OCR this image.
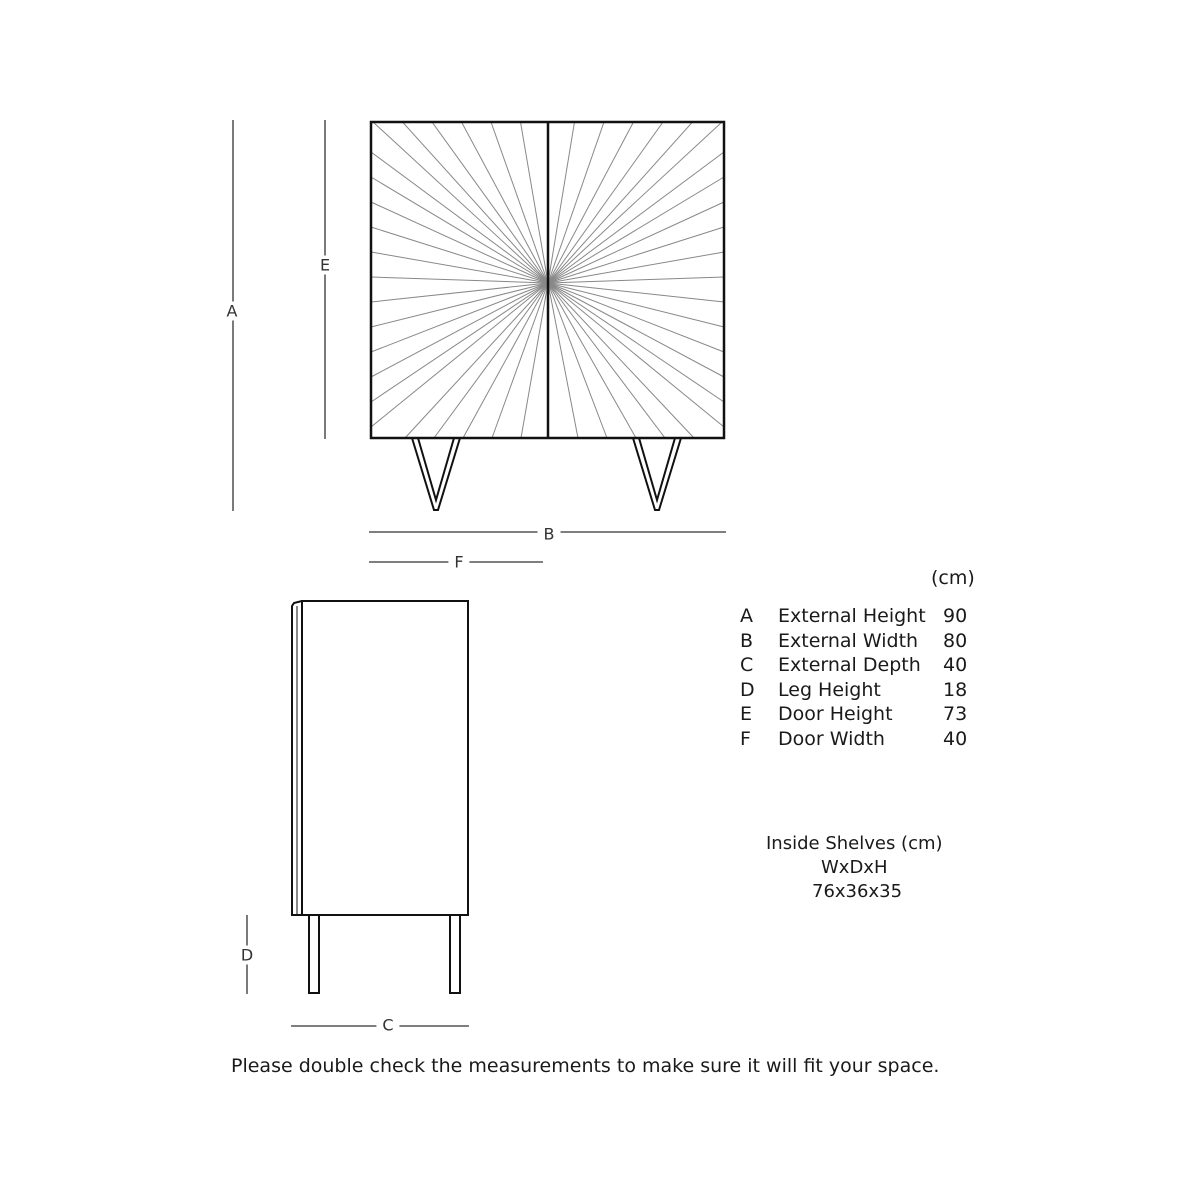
A
E
B
F
D
C
(cm)
A External Height 90
B External Width 80
C External Depth 40
D Leg Height	18
E Door Height	73
F Door Width	40
Inside Shelves (cm)
WxDxH
76x36x35
Please double check the measurements to make sure it will fit your space.
